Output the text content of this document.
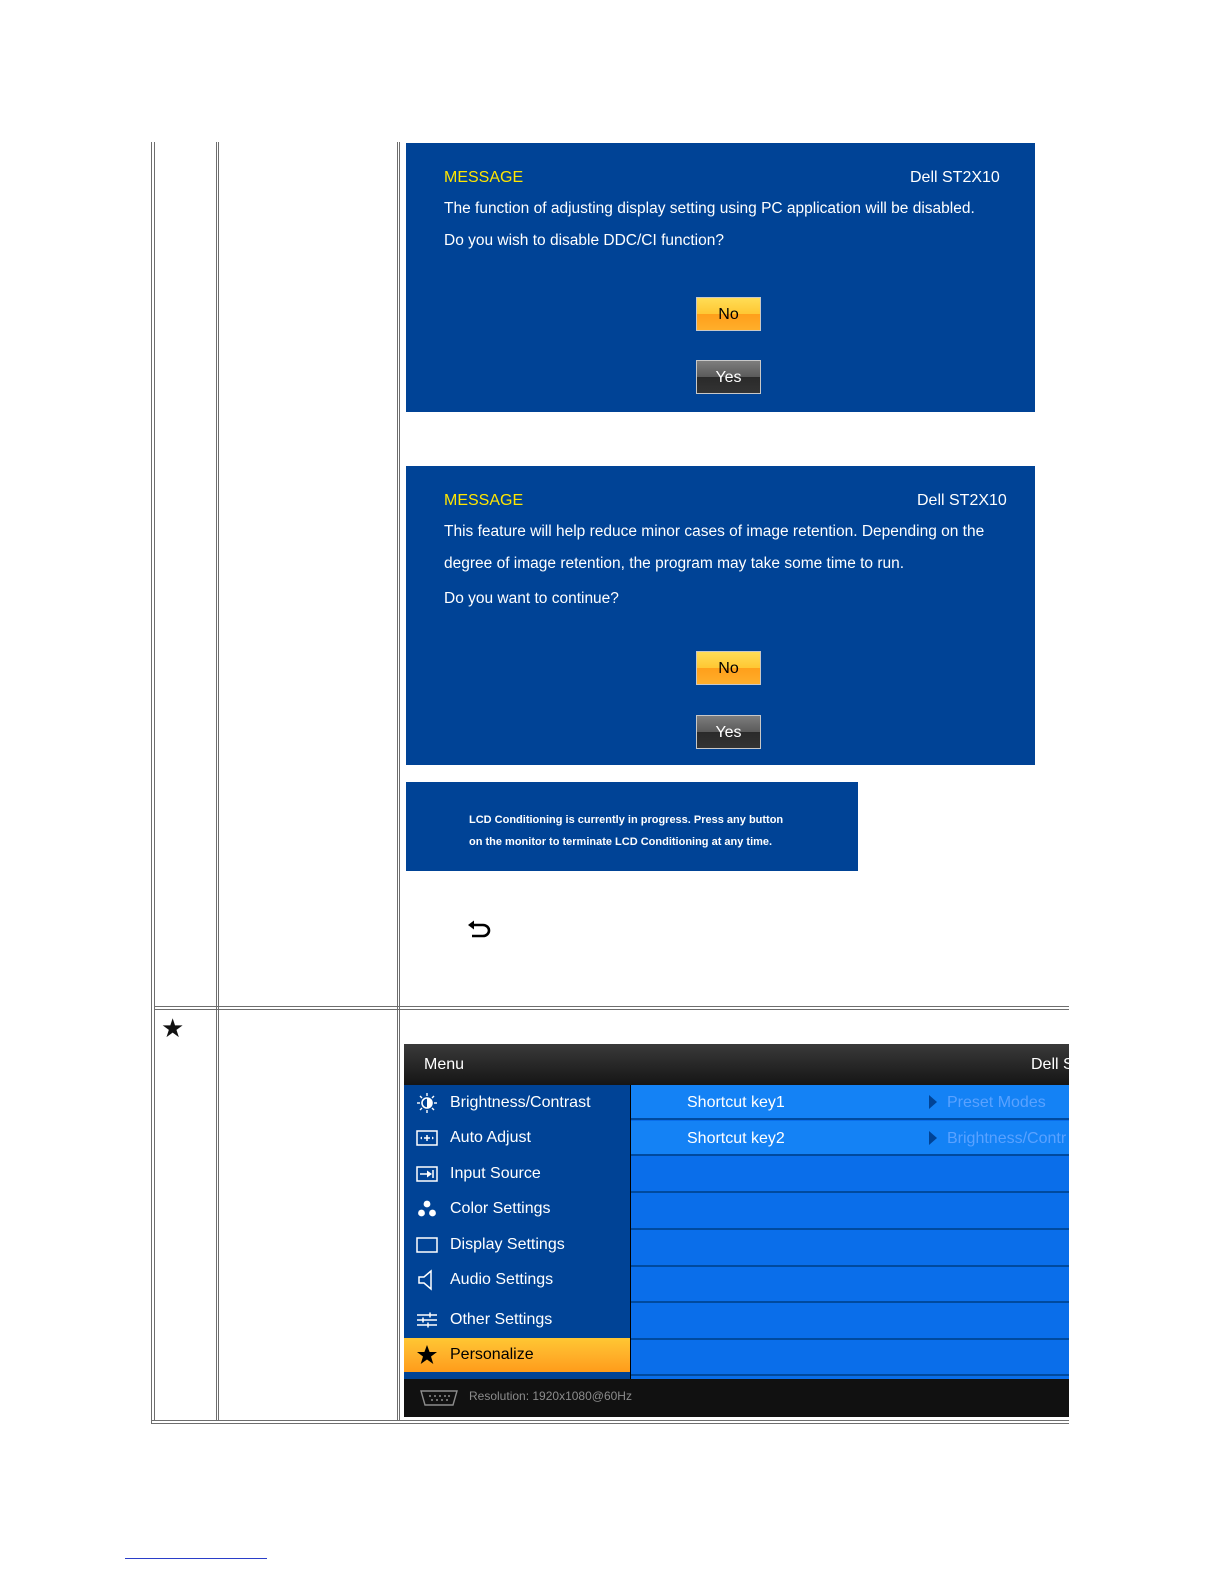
★
MESSAGE	Dell ST2X10
The function of adjusting display setting using PC application will be disabled.
Do you wish to disable DDC/CI function?
No
Yes
MESSAGE	Dell ST2X10
This feature will help reduce minor cases of image retention. Depending on the
degree of image retention, the program may take some time to run.
Do you want to continue?
No
Yes
LCD Conditioning is currently in progress. Press any button
on the monitor to terminate LCD Conditioning at any time.
Menu	Dell S
Brightness/Contrast
Auto Adjust
Input Source
Color Settings
Display Settings
Audio Settings
Other Settings
Personalize
Shortcut key1	Preset Modes
Shortcut key2	Brightness/Contr
Resolution: 1920x1080@60Hz
